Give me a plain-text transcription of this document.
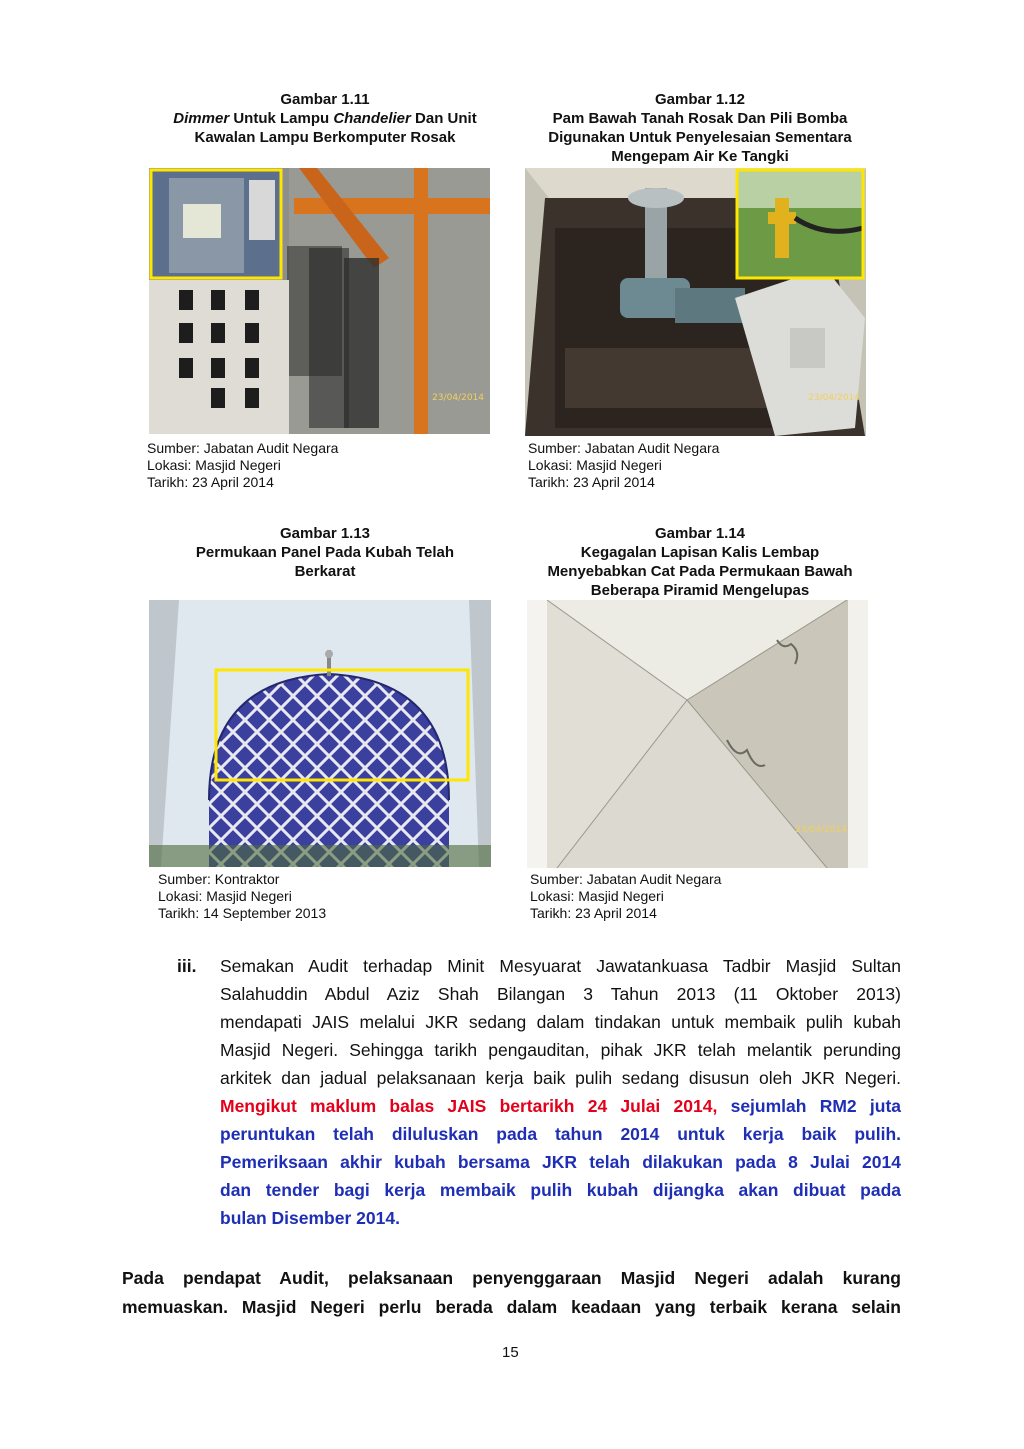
Gambar 1.11
Dimmer Untuk Lampu Chandelier Dan Unit
Kawalan Lampu Berkomputer Rosak
23/04/2014
Sumber: Jabatan Audit Negara
Lokasi: Masjid Negeri
Tarikh: 23 April 2014
Gambar 1.12
Pam Bawah Tanah Rosak Dan Pili Bomba
Digunakan Untuk Penyelesaian Sementara
Mengepam Air Ke Tangki
23/04/2014
Sumber: Jabatan Audit Negara
Lokasi: Masjid Negeri
Tarikh: 23 April 2014
Gambar 1.13
Permukaan Panel Pada Kubah Telah
Berkarat
Sumber: Kontraktor
Lokasi: Masjid Negeri
Tarikh: 14 September 2013
Gambar 1.14
Kegagalan Lapisan Kalis Lembap
Menyebabkan Cat Pada Permukaan Bawah
Beberapa Piramid Mengelupas
23/04/2014
Sumber: Jabatan Audit Negara
Lokasi: Masjid Negeri
Tarikh: 23 April 2014
iii. Semakan Audit terhadap Minit Mesyuarat Jawatankuasa Tadbir Masjid Sultan
Salahuddin Abdul Aziz Shah Bilangan 3 Tahun 2013 (11 Oktober 2013)
mendapati JAIS melalui JKR sedang dalam tindakan untuk membaik pulih kubah
Masjid Negeri. Sehingga tarikh pengauditan, pihak JKR telah melantik perunding
arkitek dan jadual pelaksanaan kerja baik pulih sedang disusun oleh JKR Negeri.
Mengikut maklum balas JAIS bertarikh 24 Julai 2014, sejumlah RM2 juta
peruntukan telah diluluskan pada tahun 2014 untuk kerja baik pulih.
Pemeriksaan akhir kubah bersama JKR telah dilakukan pada 8 Julai 2014
dan tender bagi kerja membaik pulih kubah dijangka akan dibuat pada
bulan Disember 2014.
Pada pendapat Audit, pelaksanaan penyenggaraan Masjid Negeri adalah kurang
memuaskan. Masjid Negeri perlu berada dalam keadaan yang terbaik kerana selain
15
